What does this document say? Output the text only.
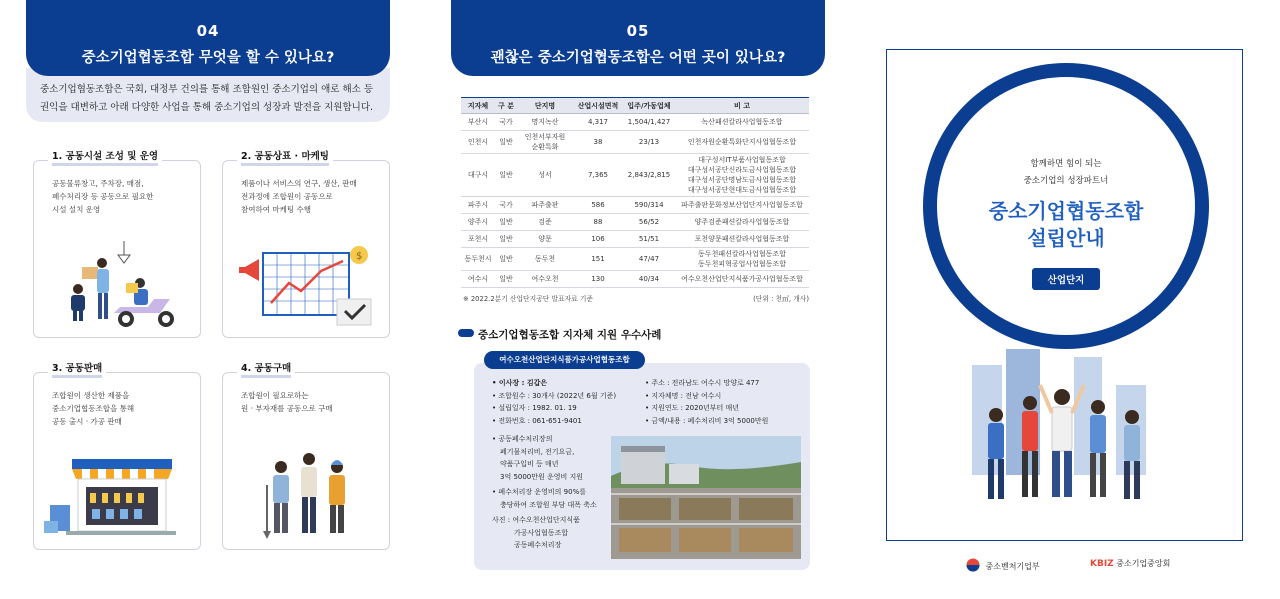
중소기업협동조합은 국회, 대정부 건의를 통해 조합원인 중소기업의 애로 해소 등
권익을 대변하고 아래 다양한 사업을 통해 중소기업의 성장과 발전을 지원합니다.
04
중소기업협동조합 무엇을 할 수 있나요?
1. 공동시설 조성 및 운영
공동물류창고, 주차장, 매점,
폐수처리장 등 공동으로 필요한
시설 설치 운영
2. 공동상표 · 마케팅
제품이나 서비스의 연구, 생산, 판매
전과정에 조합원이 공동으로
참여하여 마케팅 수행
$
3. 공동판매
조합원이 생산한 제품을
중소기업협동조합을 통해
공동 출시 · 가공 판매
4. 공동구매
조합원이 필요로하는
원 · 부자재를 공동으로 구매
05
괜찮은 중소기업협동조합은 어떤 곳이 있나요?
지자체	구 분	단지명	산업시설면적	입주/가동업체	비 고

부산시	국가	명지녹산	4,317	1,504/1,427	녹산패션칼라사업협동조합

인천시	일반	인천서부자원
순환특화	38	23/13	인천자원순환특화단지사업협동조합

대구시	일반	성서	7,365	2,843/2,815	대구성서IT부품사업협동조합
대구성서공단신라도금사업협동조합
대구성서공단명남도금사업협동조합
대구성서공단현대도금사업협동조합

파주시	국가	파주출판	586	590/314	파주출판문화정보산업단지사업협동조합

양주시	일반	검준	88	56/52	양주검준패션칼라사업협동조합

포천시	일반	양문	106	51/51	포천양문패션칼라사업협동조합

동두천시	일반	동두천	151	47/47	동두천패션칼라사업협동조합
동두천피혁공업사업협동조합

여수시	일반	여수오천	130	40/34	여수오천산업단지식품가공사업협동조합
※ 2022.2분기 산업단지공단 발표자료 기준	(단위 : 천㎡, 개사)
중소기업협동조합 지자체 지원 우수사례
여수오천산업단지식품가공사업협동조합
• 이사장 : 김갑은
• 조합원수 : 30개사 (2022년 6월 기준)
• 설립일자 : 1982. 01. 19
• 전화번호 : 061-651-9401
• 주소 : 전라남도 여수시 망양로 477
• 지자체명 : 전남 여수시
• 지원연도 : 2020년부터 매년
• 금액/내용 : 폐수처리비 3억 5000만원
• 공동폐수처리장의
폐기물처리비, 전기요금,
약품구입비 등 매년
3억 5000만원 운영비 지원
• 폐수처리장 운영비의 90%를
충당하여 조합원 부담 대폭 축소
사진 : 여수오천산업단지식품
가공사업협동조합
공동폐수처리장
함께하면 힘이 되는
중소기업의 성장파트너
중소기업협동조합
설립안내
산업단지
중소벤처기업부	KBIZ 중소기업중앙회
